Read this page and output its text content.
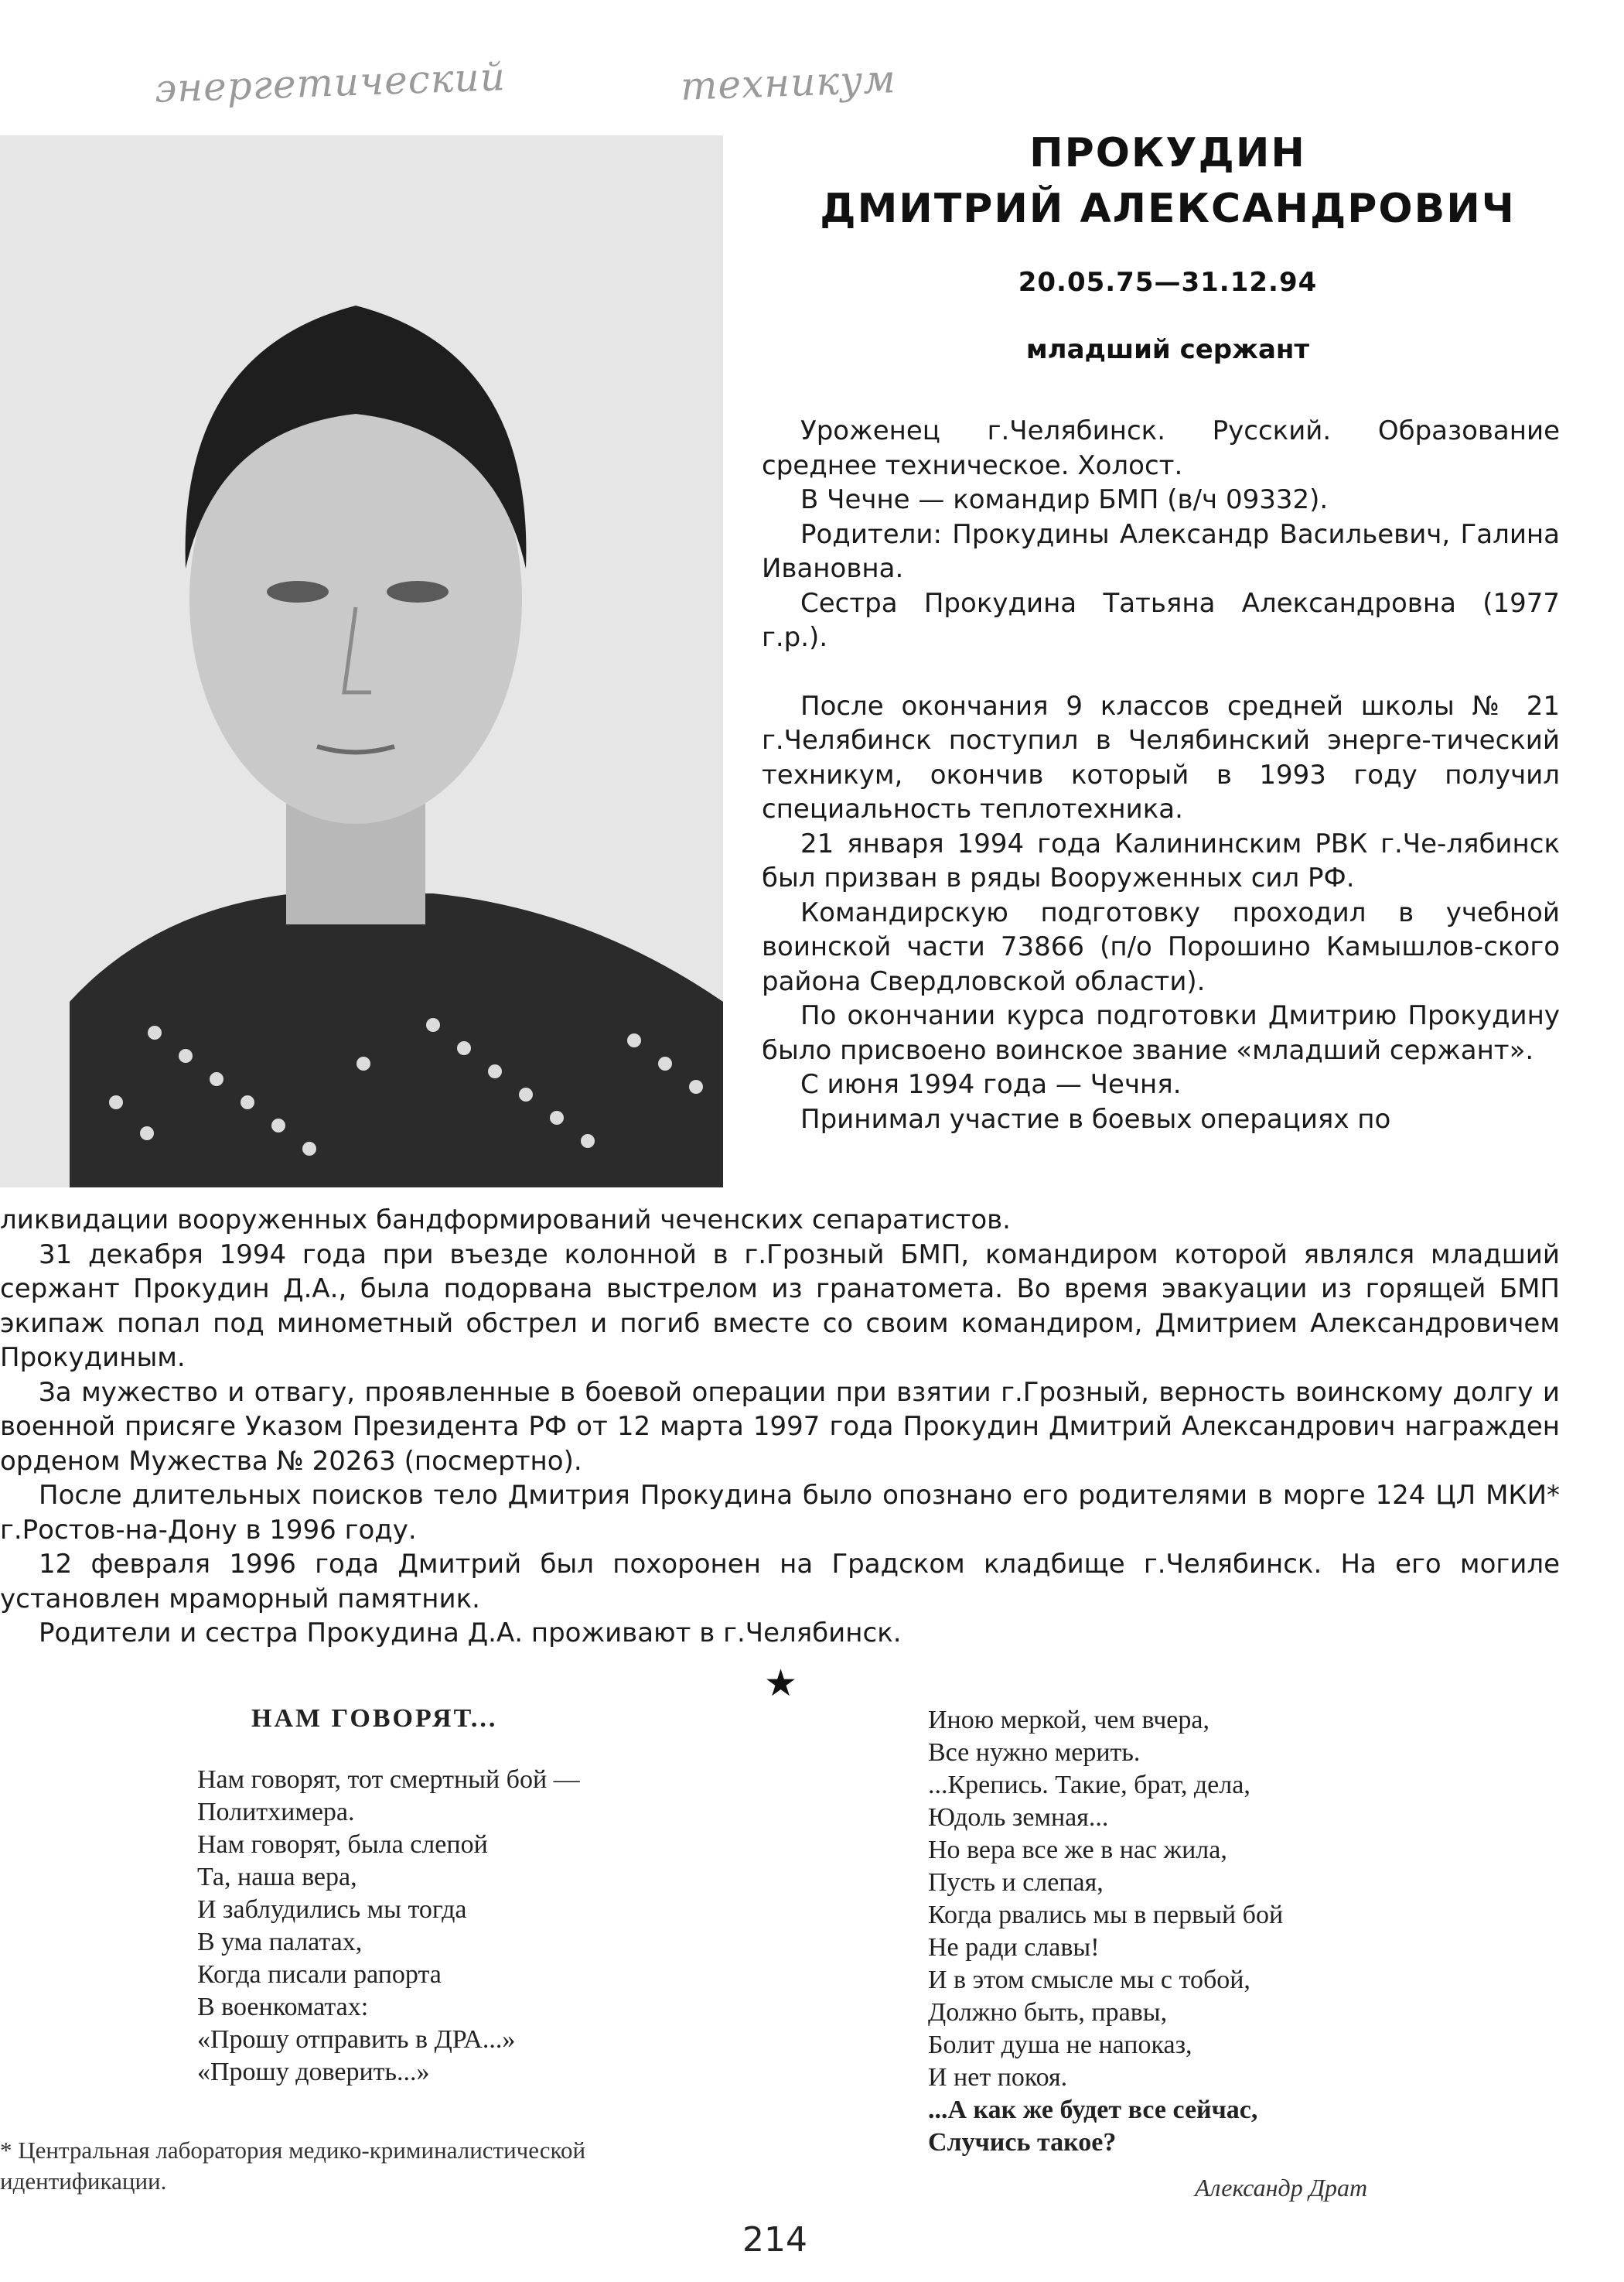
энергетический	техникум
ПРОКУДИН
ДМИТРИЙ АЛЕКСАНДРОВИЧ
20.05.75—31.12.94
младший сержант

Уроженец г.Челябинск. Русский. Образование среднее техническое. Холост.

В Чечне — командир БМП (в/ч 09332).

Родители: Прокудины Александр Васильевич, Галина Ивановна.

Сестра Прокудина Татьяна Александровна (1977 г.р.).

После окончания 9 классов средней школы № 21 г.Челябинск поступил в Челябинский энерге-тический техникум, окончив который в 1993 году получил специальность теплотехника.

21 января 1994 года Калининским РВК г.Че-лябинск был призван в ряды Вооруженных сил РФ.

Командирскую подготовку проходил в учебной воинской части 73866 (п/о Порошино Камышлов-ского района Свердловской области).

По окончании курса подготовки Дмитрию Прокудину было присвоено воинское звание «младший сержант».

С июня 1994 года — Чечня.

Принимал участие в боевых операциях по

ликвидации вооруженных бандформирований чеченских сепаратистов.

31 декабря 1994 года при въезде колонной в г.Грозный БМП, командиром которой являлся младший сержант Прокудин Д.А., была подорвана выстрелом из гранатомета. Во время эвакуации из горящей БМП экипаж попал под минометный обстрел и погиб вместе со своим командиром, Дмитрием Александровичем Прокудиным.

За мужество и отвагу, проявленные в боевой операции при взятии г.Грозный, верность воинскому долгу и военной присяге Указом Президента РФ от 12 марта 1997 года Прокудин Дмитрий Александрович награжден орденом Мужества № 20263 (посмертно).

После длительных поисков тело Дмитрия Прокудина было опознано его родителями в морге 124 ЦЛ МКИ* г.Ростов-на-Дону в 1996 году.

12 февраля 1996 года Дмитрий был похоронен на Градском кладбище г.Челябинск. На его могиле установлен мраморный памятник.

Родители и сестра Прокудина Д.А. проживают в г.Челябинск.

★
НАМ ГОВОРЯТ...
Нам говорят, тот смертный бой —
Политхимера.
Нам говорят, была слепой
Та, наша вера,
И заблудились мы тогда
В ума палатах,
Когда писали рапорта
В военкоматах:
«Прошу отправить в ДРА...»
«Прошу доверить...»
Иною меркой, чем вчера,
Все нужно мерить.
...Крепись. Такие, брат, дела,
Юдоль земная...
Но вера все же в нас жила,
Пусть и слепая,
Когда рвались мы в первый бой
Не ради славы!
И в этом смысле мы с тобой,
Должно быть, правы,
Болит душа не напоказ,
И нет покоя.
...А как же будет все сейчас,
Случись такое?
Александр Драт
* Центральная лаборатория медико-криминалистической идентификации.
214
